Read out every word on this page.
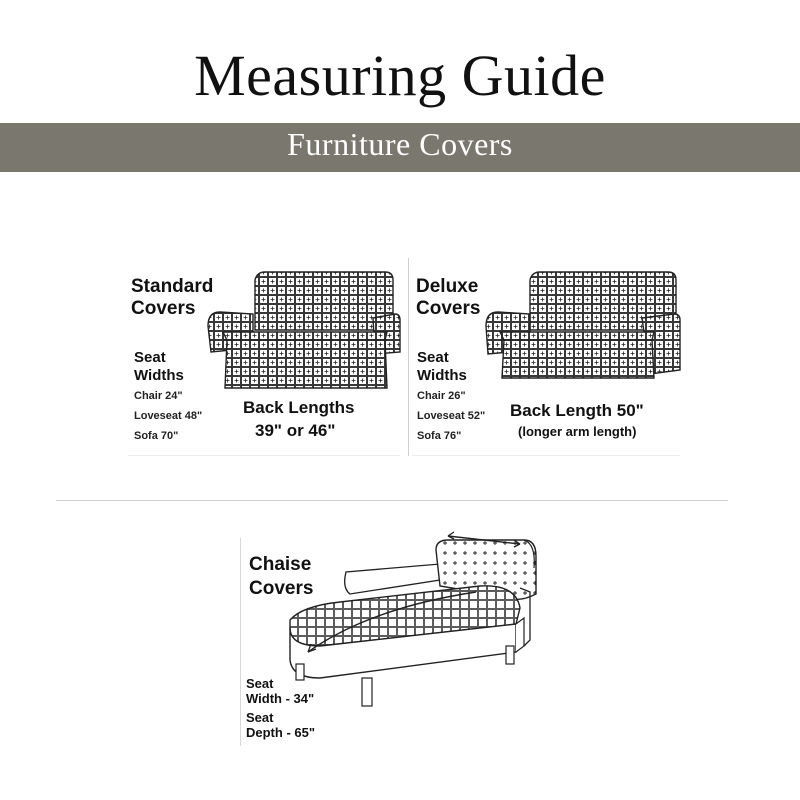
Measuring Guide
Furniture Covers
Standard
Covers
Seat
Widths
Chair 24"
Loveseat 48"
Sofa 70"
Back Lengths
39" or 46"
Deluxe
Covers
Seat
Widths
Chair 26"
Loveseat 52"
Sofa 76"
Back Length 50"
(longer arm length)
Chaise
Covers
Seat
Width - 34"
Seat
Depth - 65"
